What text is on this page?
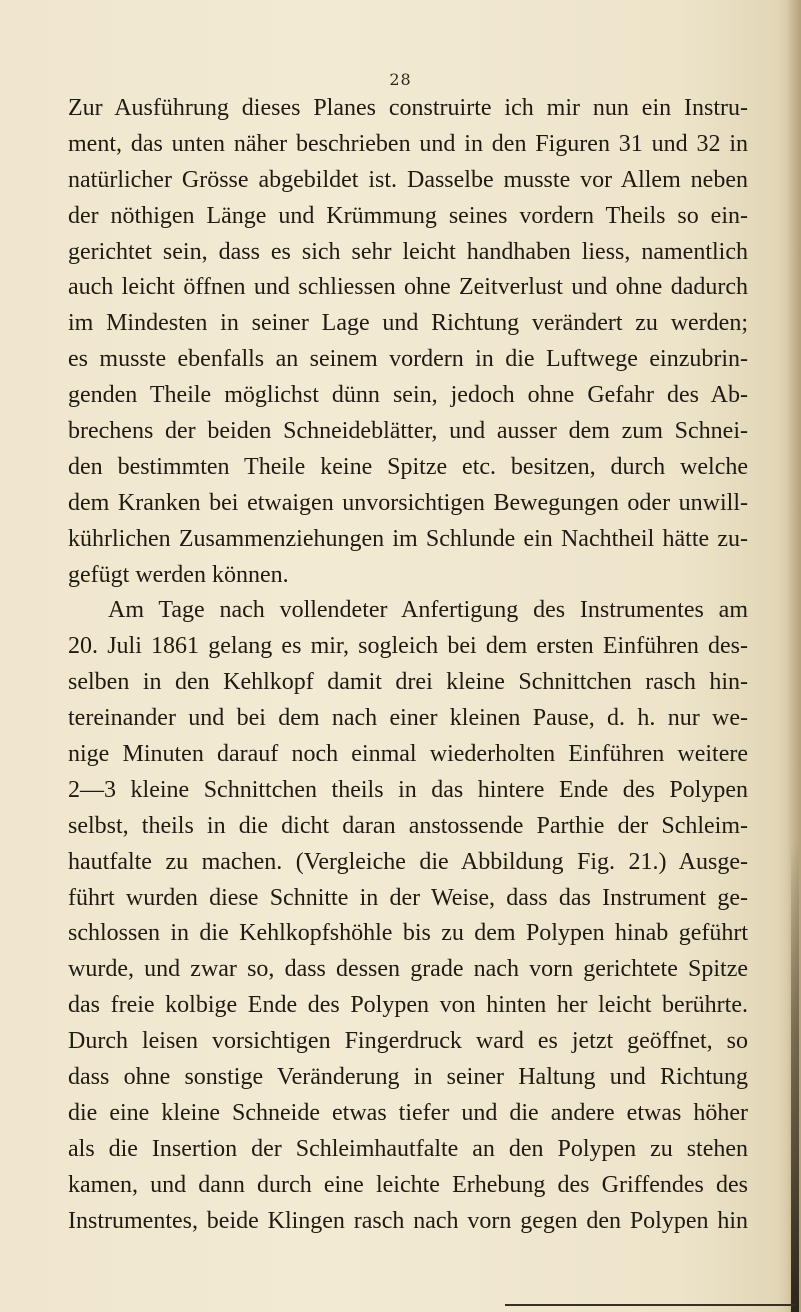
28
Zur Ausführung dieses Planes construirte ich mir nun ein Instru-
ment, das unten näher beschrieben und in den Figuren 31 und 32 in
natürlicher Grösse abgebildet ist. Dasselbe musste vor Allem neben
der nöthigen Länge und Krümmung seines vordern Theils so ein-
gerichtet sein, dass es sich sehr leicht handhaben liess, namentlich
auch leicht öffnen und schliessen ohne Zeitverlust und ohne dadurch
im Mindesten in seiner Lage und Richtung verändert zu werden;
es musste ebenfalls an seinem vordern in die Luftwege einzubrin-
genden Theile möglichst dünn sein, jedoch ohne Gefahr des Ab-
brechens der beiden Schneideblätter, und ausser dem zum Schnei-
den bestimmten Theile keine Spitze etc. besitzen, durch welche
dem Kranken bei etwaigen unvorsichtigen Bewegungen oder unwill-
kührlichen Zusammenziehungen im Schlunde ein Nachtheil hätte zu-
gefügt werden können.
Am Tage nach vollendeter Anfertigung des Instrumentes am
20. Juli 1861 gelang es mir, sogleich bei dem ersten Einführen des-
selben in den Kehlkopf damit drei kleine Schnittchen rasch hin-
tereinander und bei dem nach einer kleinen Pause, d. h. nur we-
nige Minuten darauf noch einmal wiederholten Einführen weitere
2—3 kleine Schnittchen theils in das hintere Ende des Polypen
selbst, theils in die dicht daran anstossende Parthie der Schleim-
hautfalte zu machen. (Vergleiche die Abbildung Fig. 21.) Ausge-
führt wurden diese Schnitte in der Weise, dass das Instrument ge-
schlossen in die Kehlkopfshöhle bis zu dem Polypen hinab geführt
wurde, und zwar so, dass dessen grade nach vorn gerichtete Spitze
das freie kolbige Ende des Polypen von hinten her leicht berührte.
Durch leisen vorsichtigen Fingerdruck ward es jetzt geöffnet, so
dass ohne sonstige Veränderung in seiner Haltung und Richtung
die eine kleine Schneide etwas tiefer und die andere etwas höher
als die Insertion der Schleimhautfalte an den Polypen zu stehen
kamen, und dann durch eine leichte Erhebung des Griffendes des
Instrumentes, beide Klingen rasch nach vorn gegen den Polypen hin
